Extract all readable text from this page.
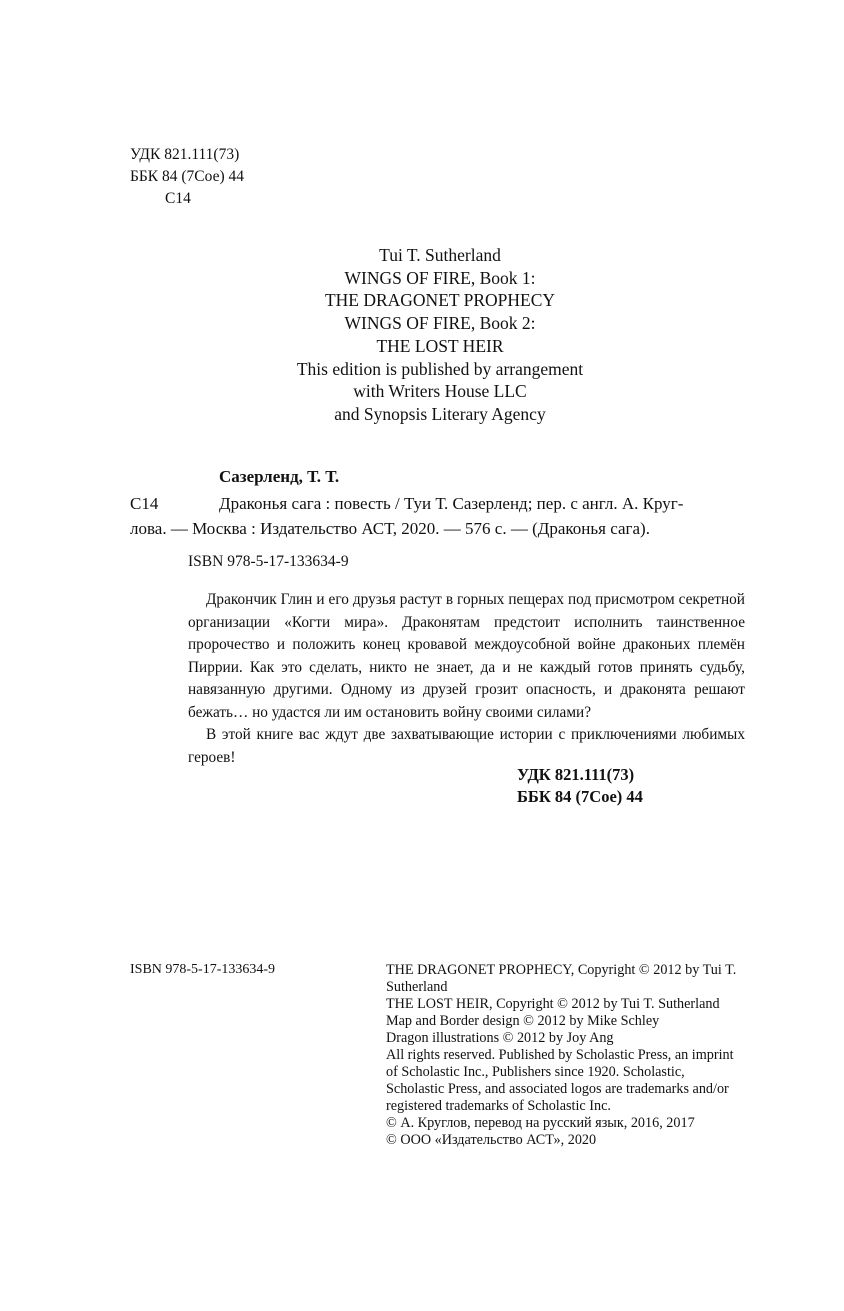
УДК 821.111(73)
ББК 84 (7Сое) 44
С14
Tui T. Sutherland
WINGS OF FIRE, Book 1:
THE DRAGONET PROPHECY
WINGS OF FIRE, Book 2:
THE LOST HEIR
This edition is published by arrangement
with Writers House LLC
and Synopsis Literary Agency
Сазерленд, Т. Т.
С14	Драконья сага : повесть / Туи Т. Сазерленд; пер. с англ. А. Круг-
лова. — Москва : Издательство АСТ, 2020. — 576 с. — (Драконья сага).
ISBN 978-5-17-133634-9

Дракончик Глин и его друзья растут в горных пещерах под присмотром секретной организации «Когти мира». Драконятам предстоит исполнить таинственное пророчество и положить конец кровавой междоусобной войне драконьих племён Пиррии. Как это сделать, никто не знает, да и не каждый готов принять судьбу, навязанную другими. Одному из друзей грозит опасность, и драконята решают бежать… но удастся ли им остановить войну своими силами?

В этой книге вас ждут две захватывающие истории с приключениями любимых героев!

УДК 821.111(73)
ББК 84 (7Сое) 44
ISBN 978-5-17-133634-9	THE DRAGONET PROPHECY, Copyright © 2012 by Tui T. Sutherland
THE LOST HEIR, Copyright © 2012 by Tui T. Sutherland
Map and Border design © 2012 by Mike Schley
Dragon illustrations © 2012 by Joy Ang
All rights reserved. Published by Scholastic Press, an imprint of Scholastic Inc., Publishers since 1920. Scholastic, Scholastic Press, and associated logos are trademarks and/or registered trademarks of Scholastic Inc.
© А. Круглов, перевод на русский язык, 2016, 2017
© ООО «Издательство АСТ», 2020
